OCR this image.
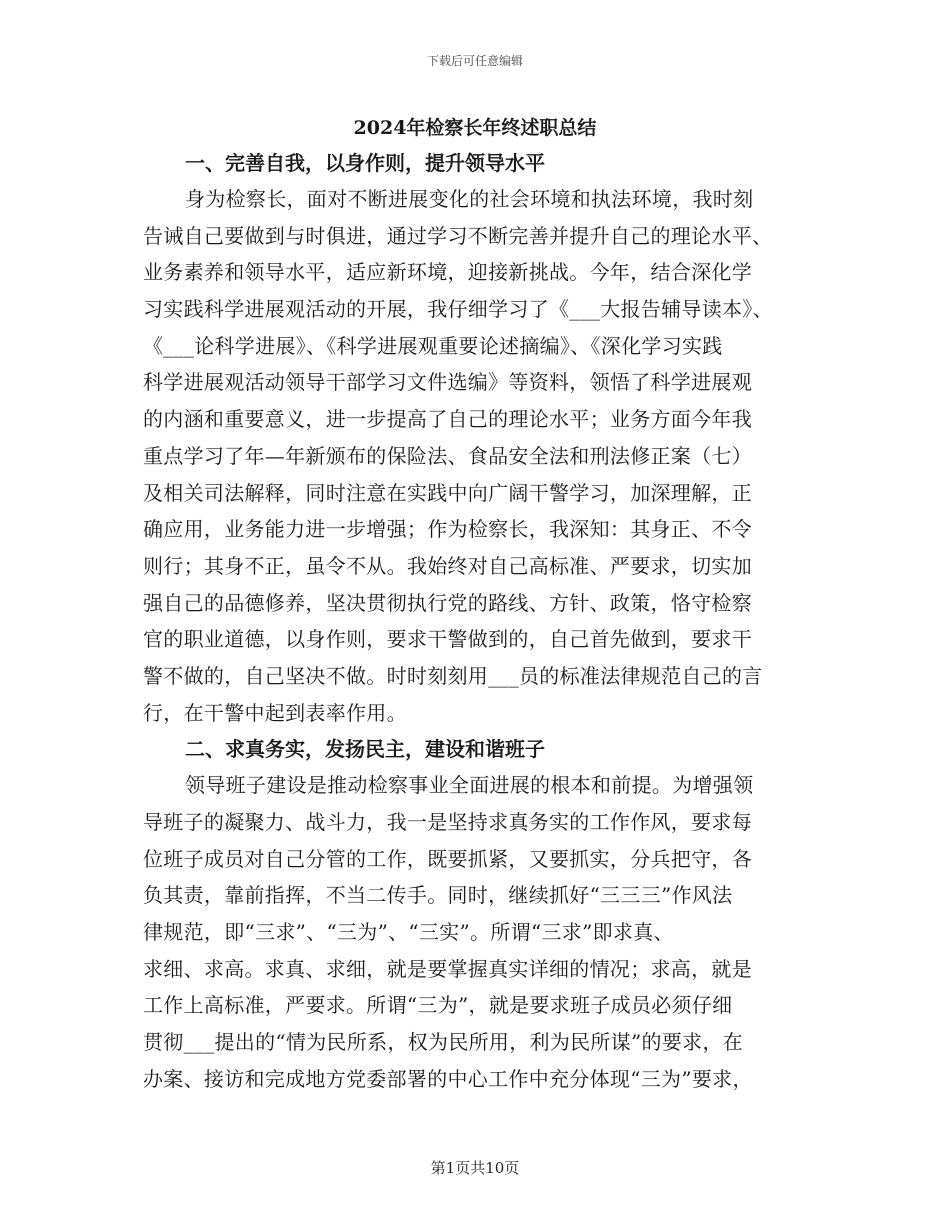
下载后可任意编辑
2024年检察长年终述职总结

一、完善自我，以身作则，提升领导水平

身为检察长，面对不断进展变化的社会环境和执法环境，我时刻

告诫自己要做到与时俱进，通过学习不断完善并提升自己的理论水平、

业务素养和领导水平，适应新环境，迎接新挑战。今年，结合深化学

习实践科学进展观活动的开展，我仔细学习了《___大报告辅导读本》、

《___论科学进展》、《科学进展观重要论述摘编》、《深化学习实践

科学进展观活动领导干部学习文件选编》等资料，领悟了科学进展观

的内涵和重要意义，进一步提高了自己的理论水平；业务方面今年我

重点学习了年—年新颁布的保险法、食品安全法和刑法修正案（七）

及相关司法解释，同时注意在实践中向广阔干警学习，加深理解，正

确应用，业务能力进一步增强；作为检察长，我深知：其身正、不令

则行；其身不正，虽令不从。我始终对自己高标准、严要求，切实加

强自己的品德修养，坚决贯彻执行党的路线、方针、政策，恪守检察

官的职业道德，以身作则，要求干警做到的，自己首先做到，要求干

警不做的，自己坚决不做。时时刻刻用___员的标准法律规范自己的言

行，在干警中起到表率作用。

二、求真务实，发扬民主，建设和谐班子

领导班子建设是推动检察事业全面进展的根本和前提。为增强领

导班子的凝聚力、战斗力，我一是坚持求真务实的工作作风，要求每

位班子成员对自己分管的工作，既要抓紧，又要抓实，分兵把守，各

负其责，靠前指挥，不当二传手。同时，继续抓好“三三三”作风法

律规范，即“三求”、“三为”、“三实”。所谓“三求”即求真、

求细、求高。求真、求细，就是要掌握真实详细的情况；求高，就是

工作上高标准，严要求。所谓“三为”，就是要求班子成员必须仔细

贯彻___提出的“情为民所系，权为民所用，利为民所谋”的要求，在

办案、接访和完成地方党委部署的中心工作中充分体现“三为”要求，

第1页共10页
